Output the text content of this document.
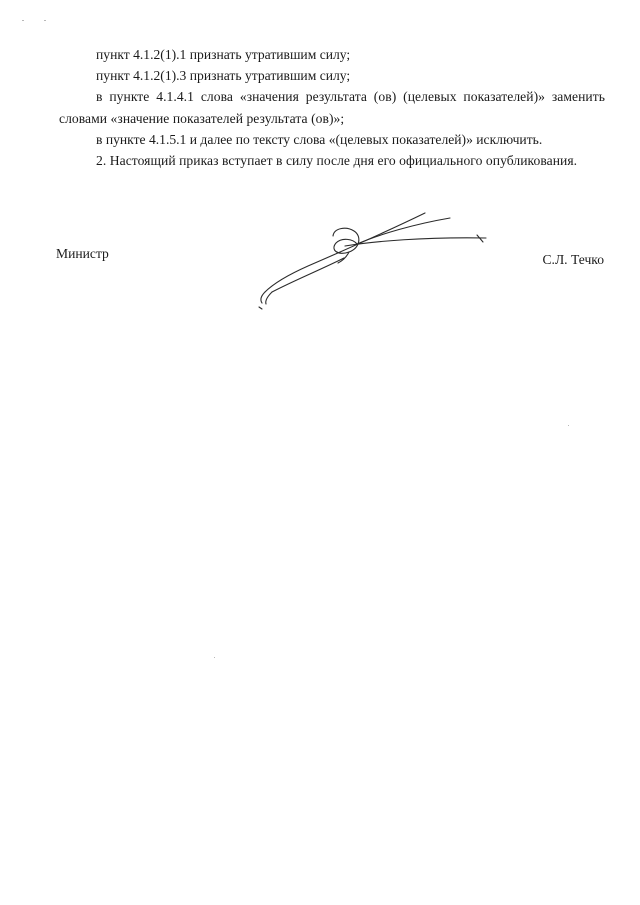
пункт 4.1.2(1).1 признать утратившим силу;

пункт 4.1.2(1).3 признать утратившим силу;

в пункте 4.1.4.1 слова «значения результата (ов) (целевых показателей)» заменить словами «значение показателей результата (ов)»;

в пункте 4.1.5.1 и далее по тексту слова «(целевых показателей)» исключить.

2. Настоящий приказ вступает в силу после дня его официального опубликования.

Министр	С.Л. Течко
